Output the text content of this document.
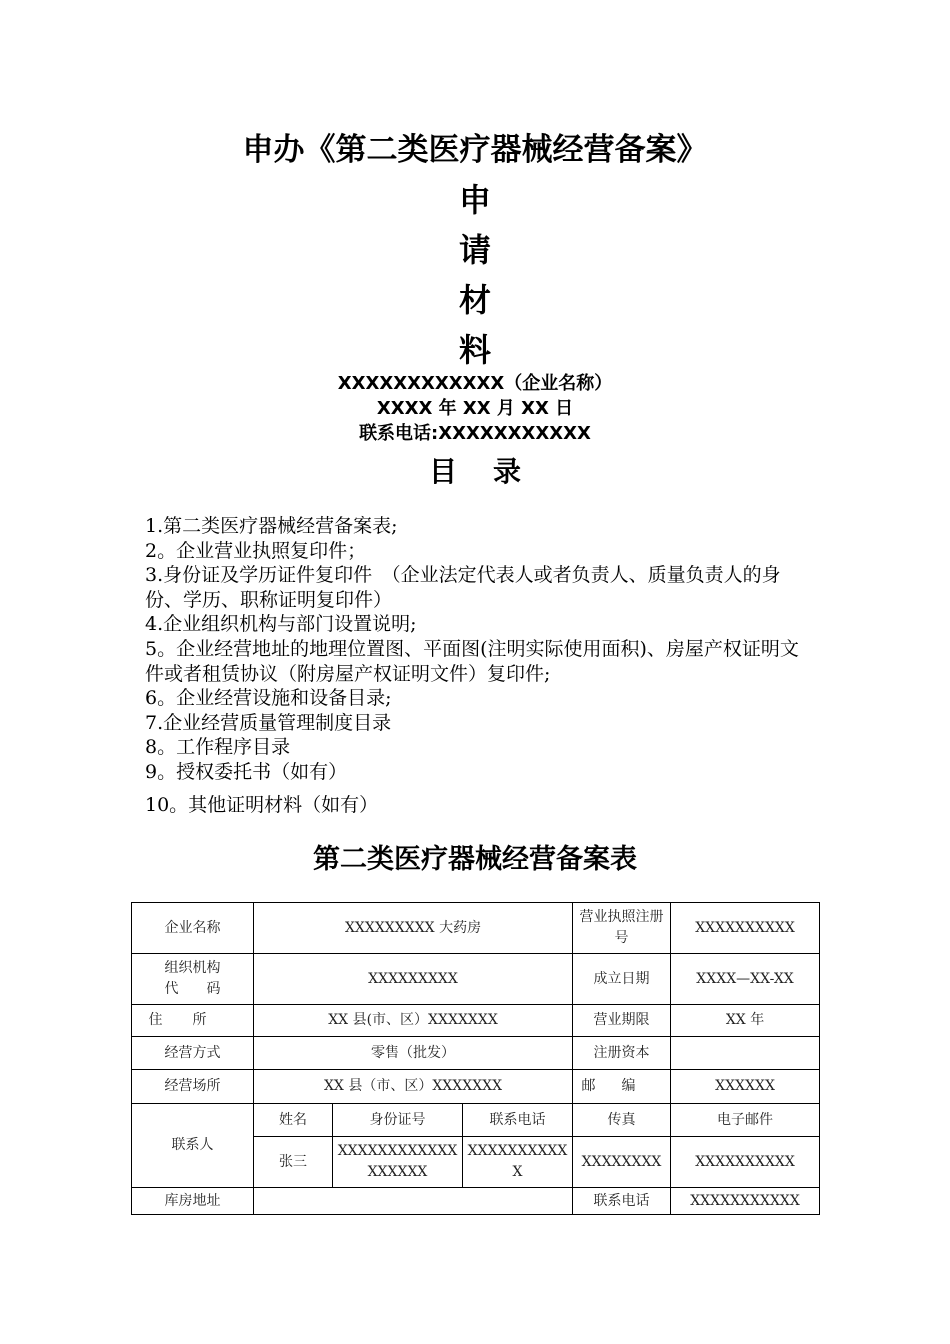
申办《第二类医疗器械经营备案》
申
请
材
料
XXXXXXXXXXXX（企业名称）
XXXX 年 XX 月 XX 日
联系电话:XXXXXXXXXXX
目录

1.第二类医疗器械经营备案表;

2。企业营业执照复印件；

3.身份证及学历证件复印件　（企业法定代表人或者负责人、质量负责人的身份、学历、职称证明复印件）

4.企业组织机构与部门设置说明;

5。企业经营地址的地理位置图、平面图(注明实际使用面积)、房屋产权证明文件或者租赁协议（附房屋产权证明文件）复印件;

6。企业经营设施和设备目录;

7.企业经营质量管理制度目录

8。工作程序目录

9。授权委托书（如有）

10。其他证明材料（如有）

第二类医疗器械经营备案表
企业名称	XXXXXXXXX 大药房			营业执照注册号	XXXXXXXXXX

组织机构
代　　码	XXXXXXXXX			成立日期	XXXX—XX-XX
住所	XX 县(市、区）XXXXXXX			营业期限	XX 年
经营方式	零售（批发）			注册资本	
经营场所	XX 县（市、区）XXXXXXX			邮编	XXXXXX
联系人	姓名	身份证号	联系电话	传真	电子邮件
	张三	XXXXXXXXXXXXXXXXXX	XXXXXXXXXXX	XXXXXXXX	XXXXXXXXXX
库房地址				联系电话	XXXXXXXXXXX
